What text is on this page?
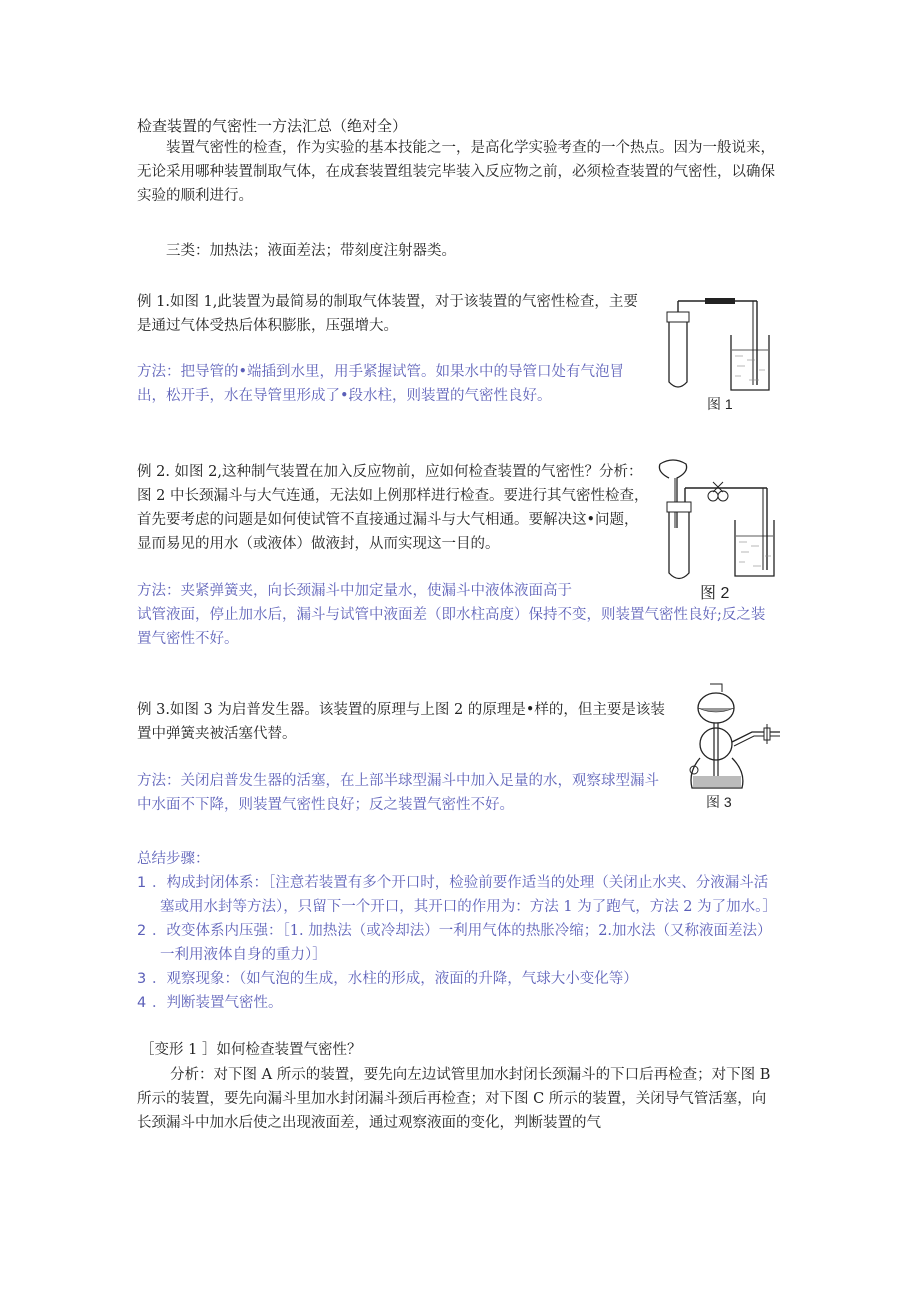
检查装置的气密性一方法汇总（绝对全）

装置气密性的检查，作为实验的基本技能之一，是高化学实验考查的一个热点。因为一般说来，

无论采用哪种装置制取气体，在成套装置组装完毕装入反应物之前，必须检查装置的气密性，以确保

实验的顺利进行。

三类：加热法；液面差法；带刻度注射器类。

例 1.如图 1,此装置为最简易的制取气体装置，对于该装置的气密性检查，主要

是通过气体受热后体积膨胀，压强增大。

方法：把导管的•端插到水里，用手紧握试管。如果水中的导管口处有气泡冒

出，松开手，水在导管里形成了•段水柱，则装置的气密性良好。	图 1

例 2. 如图 2,这种制气装置在加入反应物前，应如何检查装置的气密性？分析：

图 2 中长颈漏斗与大气连通，无法如上例那样进行检查。要进行其气密性检查，

首先要考虑的问题是如何使试管不直接通过漏斗与大气相通。要解决这•问题，

显而易见的用水（或液体）做液封，从而实现这一目的。

方法：夹紧弹簧夹，向长颈漏斗中加定量水，使漏斗中液体液面高于

试管液面，停止加水后，漏斗与试管中液面差（即水柱高度）保持不变，则装置气密性良好;反之装

置气密性不好。

图 2

例 3.如图 3 为启普发生器。该装置的原理与上图 2 的原理是•样的，但主要是该装

置中弹簧夹被活塞代替。

方法：关闭启普发生器的活塞，在上部半球型漏斗中加入足量的水，观察球型漏斗

中水面不下降，则装置气密性良好；反之装置气密性不好。	图 3

总结步骤：

1 ．构成封闭体系：［注意若装置有多个开口时，检验前要作适当的处理（关闭止水夹、分液漏斗活

塞或用水封等方法），只留下一个开口，其开口的作用为：方法 1 为了跑气，方法 2 为了加水。］

2 ．改变体系内压强：［1. 加热法（或冷却法）一利用气体的热胀冷缩；2.加水法（又称液面差法）

一利用液体自身的重力）］

3 ．观察现象：（如气泡的生成，水柱的形成，液面的升降，气球大小变化等）

4 ．判断装置气密性。

［变形 1 ］如何检查装置气密性？

分析：对下图 A 所示的装置，要先向左边试管里加水封闭长颈漏斗的下口后再检查；对下图 B

所示的装置，要先向漏斗里加水封闭漏斗颈后再检查；对下图 C 所示的装置，关闭导气管活塞，向

长颈漏斗中加水后使之出现液面差，通过观察液面的变化，判断装置的气
